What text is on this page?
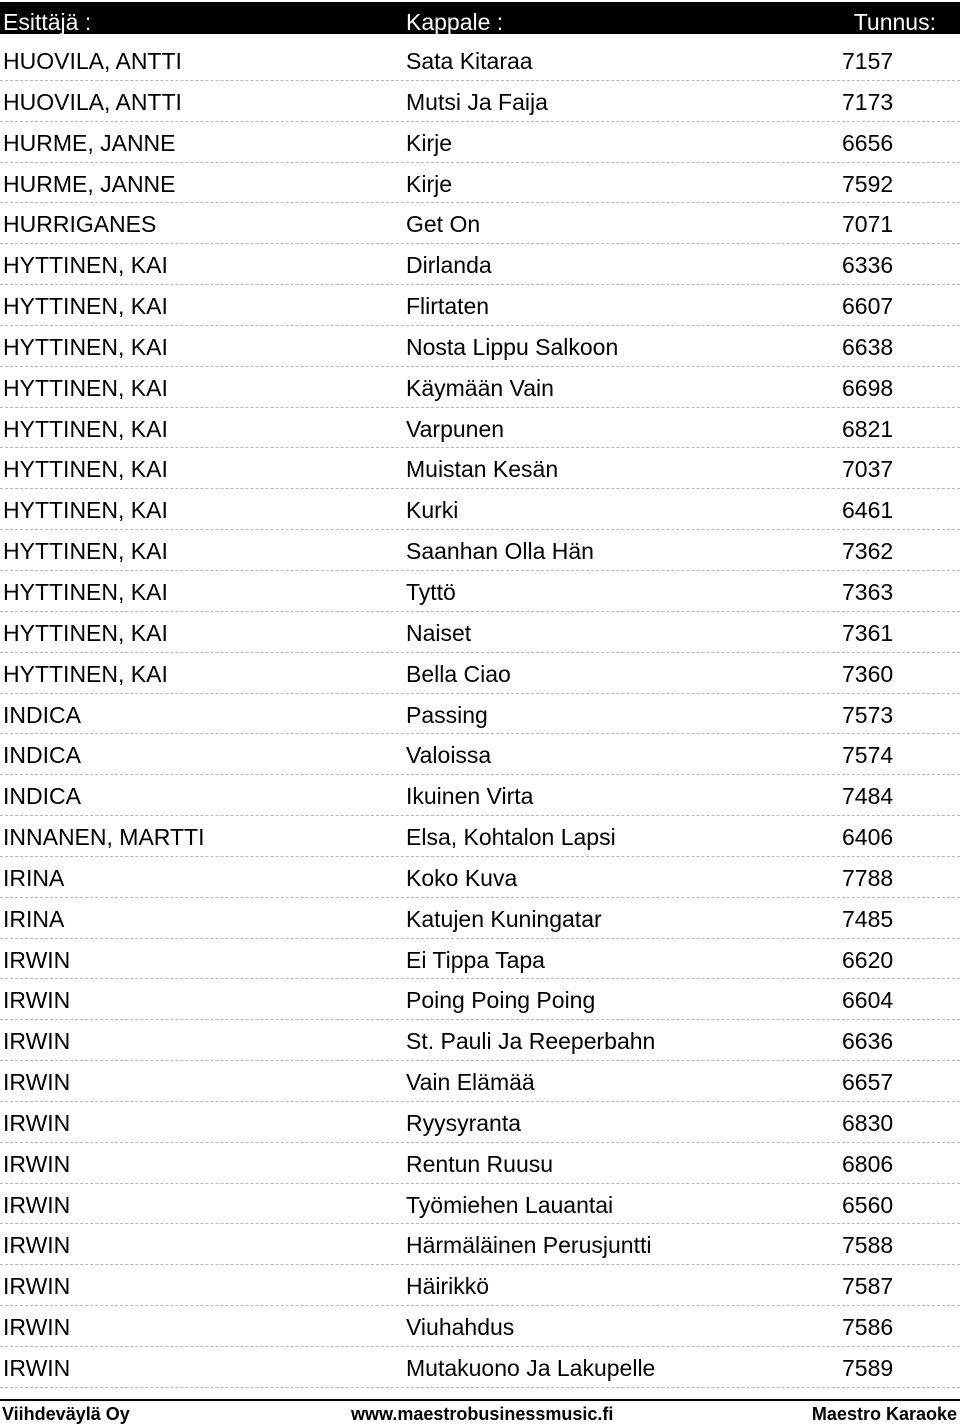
Esittäjä :	Kappale :	Tunnus:
HUOVILA, ANTTI	Sata Kitaraa	7157
HUOVILA, ANTTI	Mutsi Ja Faija	7173
HURME, JANNE	Kirje	6656
HURME, JANNE	Kirje	7592
HURRIGANES	Get On	7071
HYTTINEN, KAI	Dirlanda	6336
HYTTINEN, KAI	Flirtaten	6607
HYTTINEN, KAI	Nosta Lippu Salkoon	6638
HYTTINEN, KAI	Käymään Vain	6698
HYTTINEN, KAI	Varpunen	6821
HYTTINEN, KAI	Muistan Kesän	7037
HYTTINEN, KAI	Kurki	6461
HYTTINEN, KAI	Saanhan Olla Hän	7362
HYTTINEN, KAI	Tyttö	7363
HYTTINEN, KAI	Naiset	7361
HYTTINEN, KAI	Bella Ciao	7360
INDICA	Passing	7573
INDICA	Valoissa	7574
INDICA	Ikuinen Virta	7484
INNANEN, MARTTI	Elsa, Kohtalon Lapsi	6406
IRINA	Koko Kuva	7788
IRINA	Katujen Kuningatar	7485
IRWIN	Ei Tippa Tapa	6620
IRWIN	Poing Poing Poing	6604
IRWIN	St. Pauli Ja Reeperbahn	6636
IRWIN	Vain Elämää	6657
IRWIN	Ryysyranta	6830
IRWIN	Rentun Ruusu	6806
IRWIN	Työmiehen Lauantai	6560
IRWIN	Härmäläinen Perusjuntti	7588
IRWIN	Häirikkö	7587
IRWIN	Viuhahdus	7586
IRWIN	Mutakuono Ja Lakupelle	7589
Viihdeväylä Oy	www.maestrobusinessmusic.fi	Maestro Karaoke
